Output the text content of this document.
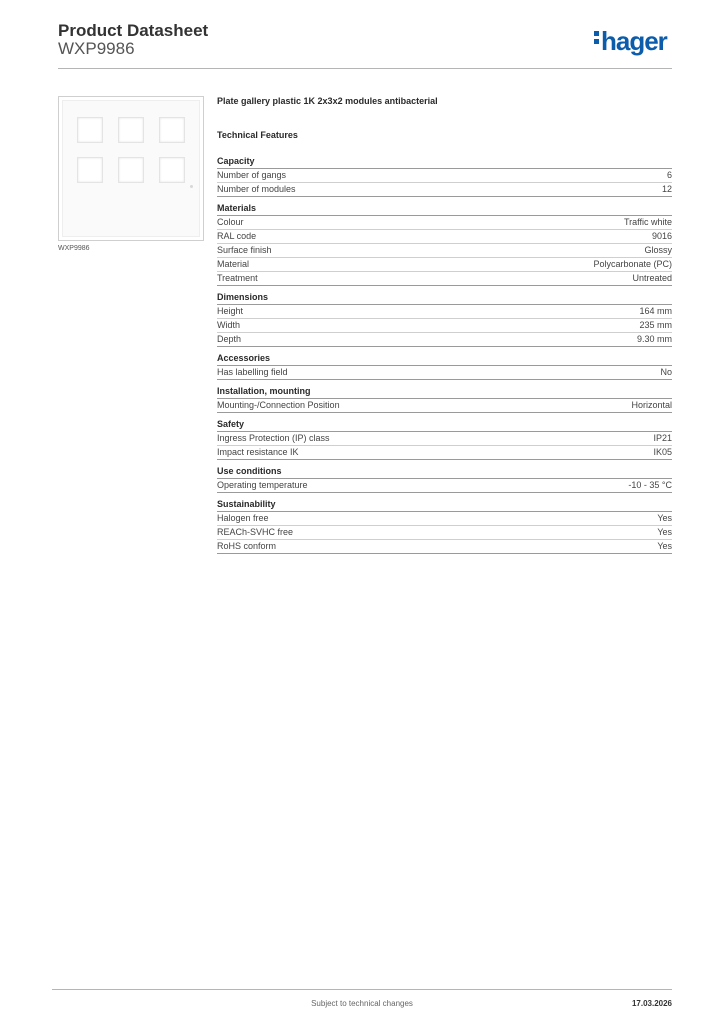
Product Datasheet
WXP9986	hager
WXP9986
Plate gallery plastic 1K 2x3x2 modules antibacterial
Technical Features
Capacity
Number of gangs	6
Number of modules	12
Materials
Colour	Traffic white
RAL code	9016
Surface finish	Glossy
Material	Polycarbonate (PC)
Treatment	Untreated
Dimensions
Height	164 mm
Width	235 mm
Depth	9.30 mm
Accessories
Has labelling field	No
Installation, mounting
Mounting-/Connection Position	Horizontal
Safety
Ingress Protection (IP) class	IP21
Impact resistance IK	IK05
Use conditions
Operating temperature	-10 - 35 °C
Sustainability
Halogen free	Yes
REACh-SVHC free	Yes
RoHS conform	Yes
Subject to technical changes	17.03.2026
